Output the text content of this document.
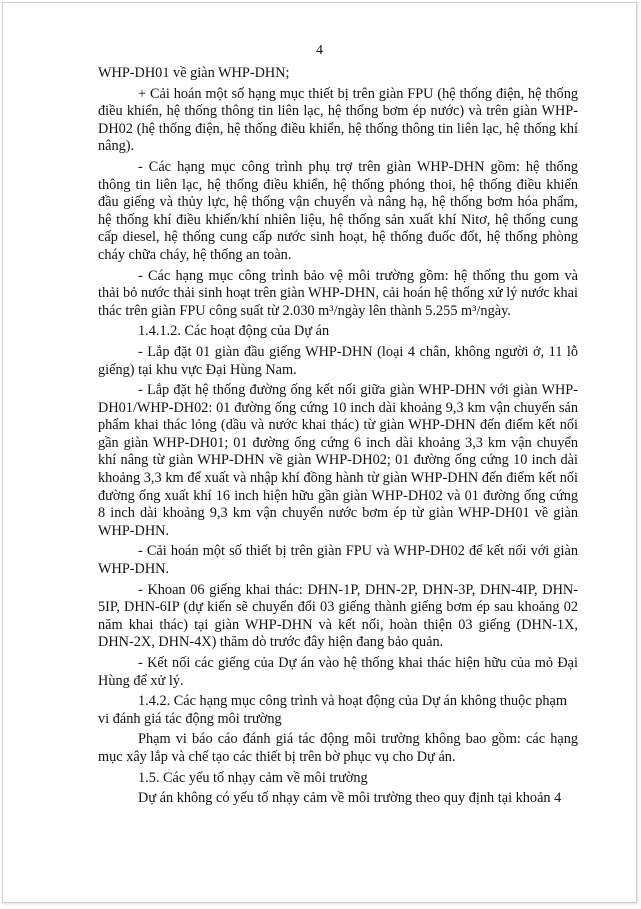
4

WHP-DH01 về giàn WHP-DHN;

+ Cải hoán một số hạng mục thiết bị trên giàn FPU (hệ thống điện, hệ thống điều khiển, hệ thống thông tin liên lạc, hệ thống bơm ép nước) và trên giàn WHP-DH02 (hệ thống điện, hệ thống điều khiển, hệ thống thông tin liên lạc, hệ thống khí nâng).

- Các hạng mục công trình phụ trợ trên giàn WHP-DHN gồm: hệ thống thông tin liên lạc, hệ thống điều khiển, hệ thống phóng thoi, hệ thống điều khiển đầu giếng và thủy lực, hệ thống vận chuyển và nâng hạ, hệ thống bơm hóa phẩm, hệ thống khí điều khiển/khí nhiên liệu, hệ thống sản xuất khí Nitơ, hệ thống cung cấp diesel, hệ thống cung cấp nước sinh hoạt, hệ thống đuốc đốt, hệ thống phòng cháy chữa cháy, hệ thống an toàn.

- Các hạng mục công trình bảo vệ môi trường gồm: hệ thống thu gom và thải bỏ nước thải sinh hoạt trên giàn WHP-DHN, cải hoán hệ thống xử lý nước khai thác trên giàn FPU công suất từ 2.030 m³/ngày lên thành 5.255 m³/ngày.

1.4.1.2. Các hoạt động của Dự án

- Lắp đặt 01 giàn đầu giếng WHP-DHN (loại 4 chân, không người ở, 11 lỗ giếng) tại khu vực Đại Hùng Nam.

- Lắp đặt hệ thống đường ống kết nối giữa giàn WHP-DHN với giàn WHP-DH01/WHP-DH02: 01 đường ống cứng 10 inch dài khoảng 9,3 km vận chuyển sản phẩm khai thác lỏng (dầu và nước khai thác) từ giàn WHP-DHN đến điểm kết nối gần giàn WHP-DH01; 01 đường ống cứng 6 inch dài khoảng 3,3 km vận chuyển khí nâng từ giàn WHP-DHN về giàn WHP-DH02; 01 đường ống cứng 10 inch dài khoảng 3,3 km để xuất và nhập khí đồng hành từ giàn WHP-DHN đến điểm kết nối đường ống xuất khí 16 inch hiện hữu gần giàn WHP-DH02 và 01 đường ống cứng 8 inch dài khoảng 9,3 km vận chuyển nước bơm ép từ giàn WHP-DH01 về giàn WHP-DHN.

- Cải hoán một số thiết bị trên giàn FPU và WHP-DH02 để kết nối với giàn WHP-DHN.

- Khoan 06 giếng khai thác: DHN-1P, DHN-2P, DHN-3P, DHN-4IP, DHN-5IP, DHN-6IP (dự kiến sẽ chuyển đổi 03 giếng thành giếng bơm ép sau khoảng 02 năm khai thác) tại giàn WHP-DHN và kết nối, hoàn thiện 03 giếng (DHN-1X, DHN-2X, DHN-4X) thăm dò trước đây hiện đang bảo quản.

- Kết nối các giếng của Dự án vào hệ thống khai thác hiện hữu của mỏ Đại Hùng để xử lý.

1.4.2. Các hạng mục công trình và hoạt động của Dự án không thuộc phạm vi đánh giá tác động môi trường

Phạm vi báo cáo đánh giá tác động môi trường không bao gồm: các hạng mục xây lắp và chế tạo các thiết bị trên bờ phục vụ cho Dự án.

1.5. Các yếu tố nhạy cảm về môi trường

Dự án không có yếu tố nhạy cảm về môi trường theo quy định tại khoản 4
